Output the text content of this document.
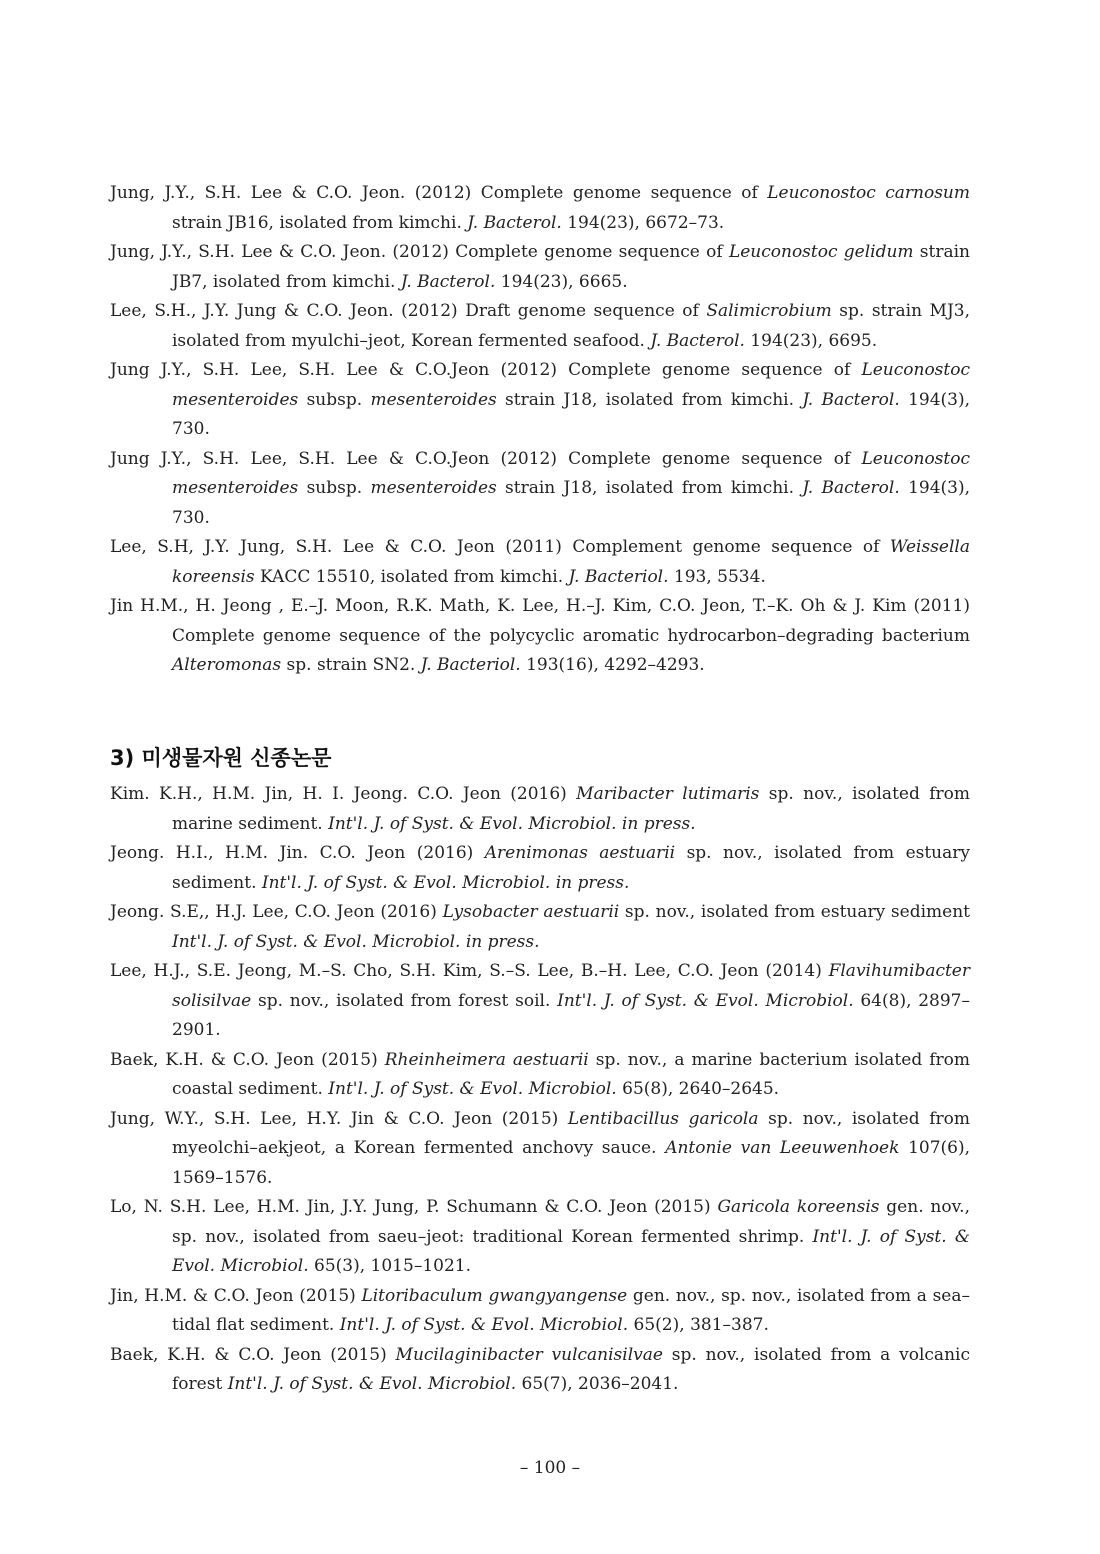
Jung, J.Y., S.H. Lee & C.O. Jeon. (2012) Complete genome sequence of Leuconostoc carnosum strain JB16, isolated from kimchi. J. Bacterol. 194(23), 6672–73.

Jung, J.Y., S.H. Lee & C.O. Jeon. (2012) Complete genome sequence of Leuconostoc gelidum strain JB7, isolated from kimchi. J. Bacterol. 194(23), 6665.

Lee, S.H., J.Y. Jung & C.O. Jeon. (2012) Draft genome sequence of Salimicrobium sp. strain MJ3, isolated from myulchi–jeot, Korean fermented seafood. J. Bacterol. 194(23), 6695.

Jung J.Y., S.H. Lee, S.H. Lee & C.O.Jeon (2012) Complete genome sequence of Leuconostoc mesenteroides subsp. mesenteroides strain J18, isolated from kimchi. J. Bacterol. 194(3), 730.

Jung J.Y., S.H. Lee, S.H. Lee & C.O.Jeon (2012) Complete genome sequence of Leuconostoc mesenteroides subsp. mesenteroides strain J18, isolated from kimchi. J. Bacterol. 194(3), 730.

Lee, S.H, J.Y. Jung, S.H. Lee & C.O. Jeon (2011) Complement genome sequence of Weissella koreensis KACC 15510, isolated from kimchi. J. Bacteriol. 193, 5534.

Jin H.M., H. Jeong , E.–J. Moon, R.K. Math, K. Lee, H.–J. Kim, C.O. Jeon, T.–K. Oh & J. Kim (2011) Complete genome sequence of the polycyclic aromatic hydrocarbon–degrading bacterium Alteromonas sp. strain SN2. J. Bacteriol. 193(16), 4292–4293.

3) 미생물자원 신종논문

Kim. K.H., H.M. Jin, H. I. Jeong. C.O. Jeon (2016) Maribacter lutimaris sp. nov., isolated from marine sediment. Int'l. J. of Syst. & Evol. Microbiol. in press.

Jeong. H.I., H.M. Jin. C.O. Jeon (2016) Arenimonas aestuarii sp. nov., isolated from estuary sediment. Int'l. J. of Syst. & Evol. Microbiol. in press.

Jeong. S.E,, H.J. Lee, C.O. Jeon (2016) Lysobacter aestuarii sp. nov., isolated from estuary sediment Int'l. J. of Syst. & Evol. Microbiol. in press.

Lee, H.J., S.E. Jeong, M.–S. Cho, S.H. Kim, S.–S. Lee, B.–H. Lee, C.O. Jeon (2014) Flavihumibacter solisilvae sp. nov., isolated from forest soil. Int'l. J. of Syst. & Evol. Microbiol. 64(8), 2897–2901.

Baek, K.H. & C.O. Jeon (2015) Rheinheimera aestuarii sp. nov., a marine bacterium isolated from coastal sediment. Int'l. J. of Syst. & Evol. Microbiol. 65(8), 2640–2645.

Jung, W.Y., S.H. Lee, H.Y. Jin & C.O. Jeon (2015) Lentibacillus garicola sp. nov., isolated from myeolchi–aekjeot, a Korean fermented anchovy sauce. Antonie van Leeuwenhoek 107(6), 1569–1576.

Lo, N. S.H. Lee, H.M. Jin, J.Y. Jung, P. Schumann & C.O. Jeon (2015) Garicola koreensis gen. nov., sp. nov., isolated from saeu–jeot: traditional Korean fermented shrimp. Int'l. J. of Syst. & Evol. Microbiol. 65(3), 1015–1021.

Jin, H.M. & C.O. Jeon (2015) Litoribaculum gwangyangense gen. nov., sp. nov., isolated from a sea–tidal flat sediment. Int'l. J. of Syst. & Evol. Microbiol. 65(2), 381–387.

Baek, K.H. & C.O. Jeon (2015) Mucilaginibacter vulcanisilvae sp. nov., isolated from a volcanic forest Int'l. J. of Syst. & Evol. Microbiol. 65(7), 2036–2041.

– 100 –
